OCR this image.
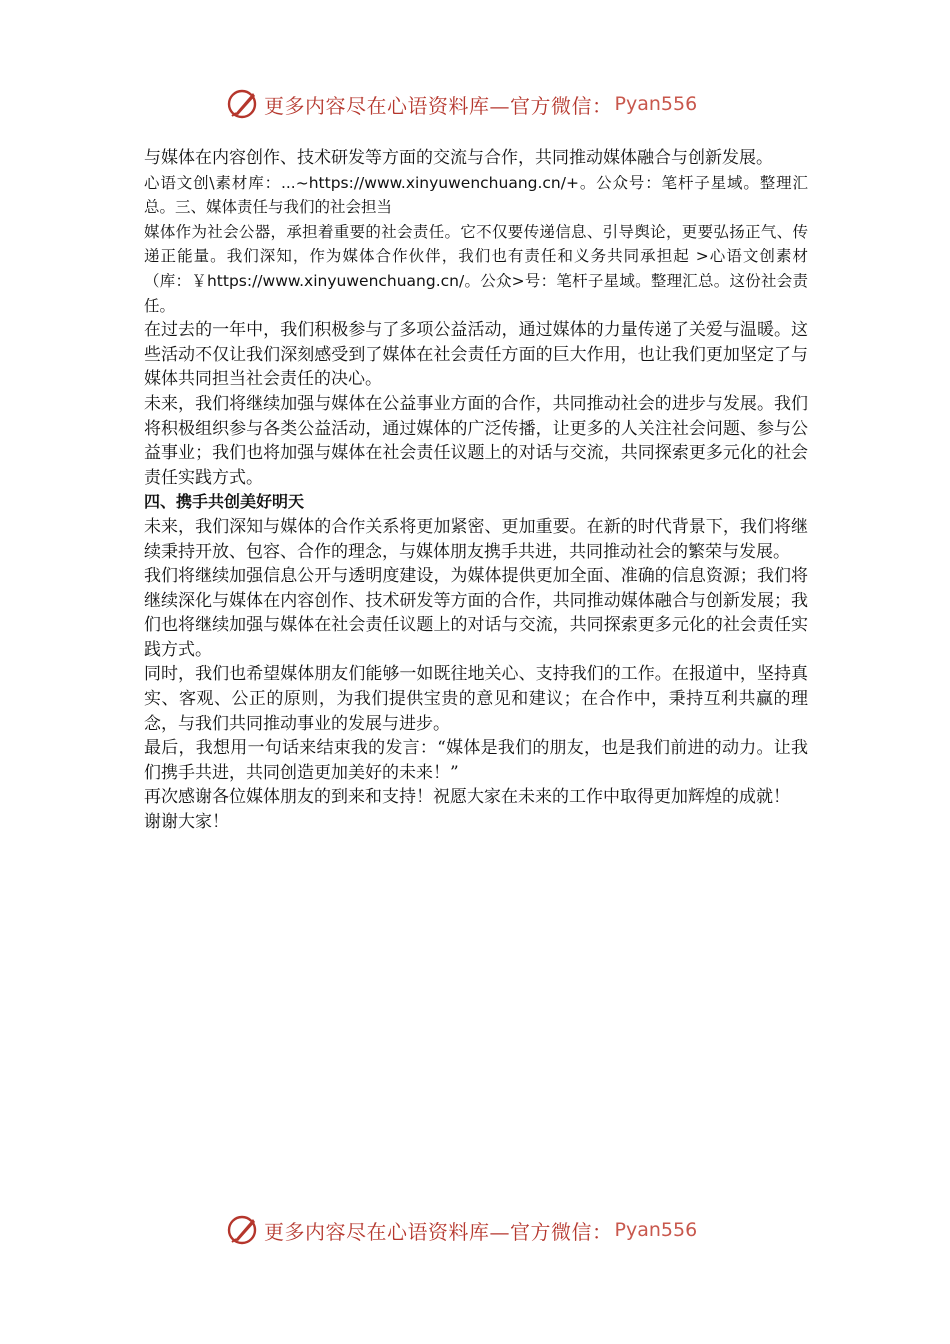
更多内容尽在心语资料库—官方微信： Pyan556

与媒体在内容创作、技术研发等方面的交流与合作，共同推动媒体融合与创新发展。

心语文创\素材库：...~https://www.xinyuwenchuang.cn/+。公众号：笔杆子星域。整理汇总。三、媒体责任与我们的社会担当

媒体作为社会公器，承担着重要的社会责任。它不仅要传递信息、引导舆论，更要弘扬正气、传递正能量。我们深知，作为媒体合作伙伴，我们也有责任和义务共同承担起 >心语文创素材（库：￥https://www.xinyuwenchuang.cn/。公众>号：笔杆子星域。整理汇总。这份社会责任。

在过去的一年中，我们积极参与了多项公益活动，通过媒体的力量传递了关爱与温暖。这些活动不仅让我们深刻感受到了媒体在社会责任方面的巨大作用，也让我们更加坚定了与媒体共同担当社会责任的决心。

未来，我们将继续加强与媒体在公益事业方面的合作，共同推动社会的进步与发展。我们将积极组织参与各类公益活动，通过媒体的广泛传播，让更多的人关注社会问题、参与公益事业；我们也将加强与媒体在社会责任议题上的对话与交流，共同探索更多元化的社会责任实践方式。

四、携手共创美好明天

未来，我们深知与媒体的合作关系将更加紧密、更加重要。在新的时代背景下，我们将继续秉持开放、包容、合作的理念，与媒体朋友携手共进，共同推动社会的繁荣与发展。

我们将继续加强信息公开与透明度建设，为媒体提供更加全面、准确的信息资源；我们将继续深化与媒体在内容创作、技术研发等方面的合作，共同推动媒体融合与创新发展；我们也将继续加强与媒体在社会责任议题上的对话与交流，共同探索更多元化的社会责任实践方式。

同时，我们也希望媒体朋友们能够一如既往地关心、支持我们的工作。在报道中，坚持真实、客观、公正的原则，为我们提供宝贵的意见和建议；在合作中，秉持互利共赢的理念，与我们共同推动事业的发展与进步。

最后，我想用一句话来结束我的发言：“媒体是我们的朋友，也是我们前进的动力。让我们携手共进，共同创造更加美好的未来！”

再次感谢各位媒体朋友的到来和支持！祝愿大家在未来的工作中取得更加辉煌的成就！

谢谢大家！

更多内容尽在心语资料库—官方微信： Pyan556
